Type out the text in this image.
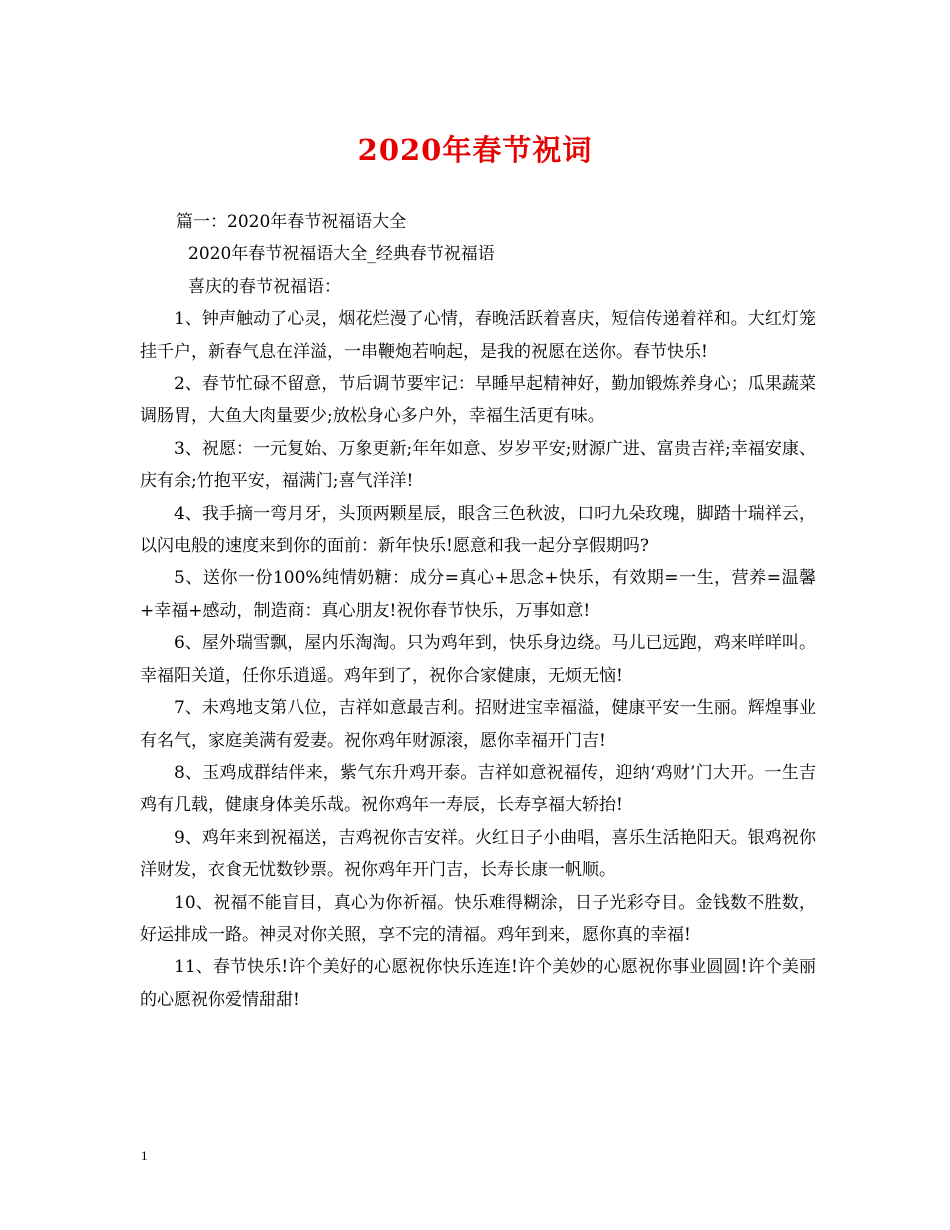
2020年春节祝词

篇一：2020年春节祝福语大全

2020年春节祝福语大全_经典春节祝福语

喜庆的春节祝福语：

1、钟声触动了心灵，烟花烂漫了心情，春晚活跃着喜庆，短信传递着祥和。大红灯笼挂千户，新春气息在洋溢，一串鞭炮若响起，是我的祝愿在送你。春节快乐!

2、春节忙碌不留意，节后调节要牢记：早睡早起精神好，勤加锻炼养身心；瓜果蔬菜调肠胃，大鱼大肉量要少;放松身心多户外，幸福生活更有味。

3、祝愿：一元复始、万象更新;年年如意、岁岁平安;财源广进、富贵吉祥;幸福安康、庆有余;竹抱平安，福满门;喜气洋洋!

4、我手摘一弯月牙，头顶两颗星辰，眼含三色秋波，口叼九朵玫瑰，脚踏十瑞祥云，以闪电般的速度来到你的面前：新年快乐!愿意和我一起分享假期吗?

5、送你一份100%纯情奶糖：成分=真心+思念+快乐，有效期=一生，营养=温馨+幸福+感动，制造商：真心朋友!祝你春节快乐，万事如意!

6、屋外瑞雪飘，屋内乐淘淘。只为鸡年到，快乐身边绕。马儿已远跑，鸡来咩咩叫。幸福阳关道，任你乐逍遥。鸡年到了，祝你合家健康，无烦无恼!

7、未鸡地支第八位，吉祥如意最吉利。招财进宝幸福溢，健康平安一生丽。辉煌事业有名气，家庭美满有爱妻。祝你鸡年财源滚，愿你幸福开门吉!

8、玉鸡成群结伴来，紫气东升鸡开泰。吉祥如意祝福传，迎纳‘鸡财’门大开。一生吉鸡有几载，健康身体美乐哉。祝你鸡年一寿辰，长寿享福大轿抬!

9、鸡年来到祝福送，吉鸡祝你吉安祥。火红日子小曲唱，喜乐生活艳阳天。银鸡祝你洋财发，衣食无忧数钞票。祝你鸡年开门吉，长寿长康一帆顺。

10、祝福不能盲目，真心为你祈福。快乐难得糊涂，日子光彩夺目。金钱数不胜数，好运排成一路。神灵对你关照，享不完的清福。鸡年到来，愿你真的幸福!

11、春节快乐!许个美好的心愿祝你快乐连连!许个美妙的心愿祝你事业圆圆!许个美丽的心愿祝你爱情甜甜!

1
